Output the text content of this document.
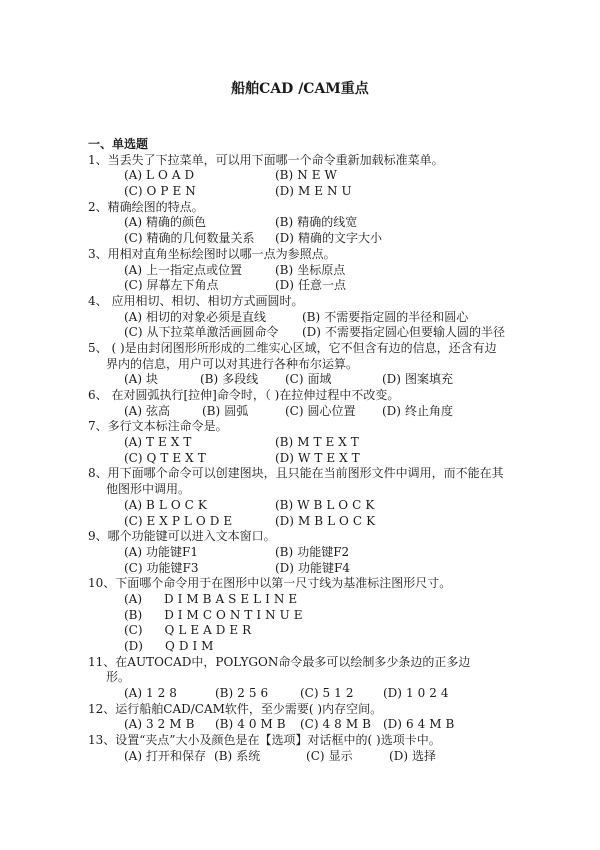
船舶CAD /CAM重点
一、单选题
1、当丢失了下拉菜单，可以用下面哪一个命令重新加载标准菜单。
(A) LOAD	(B) NEW
(C) OPEN	(D) MENU
2、精确绘图的特点。
(A) 精确的颜色	(B) 精确的线宽
(C) 精确的几何数量关系	(D) 精确的文字大小
3、用相对直角坐标绘图时以哪一点为参照点。
(A) 上一指定点或位置	(B) 坐标原点
(C) 屏幕左下角点	(D) 任意一点
4、 应用相切、相切、相切方式画圆时。
(A) 相切的对象必须是直线	(B) 不需要指定圆的半径和圆心
(C) 从下拉菜单激活画圆命令	(D) 不需要指定圆心但要输人圆的半径
5、 ( )是由封闭图形所形成的二维实心区域，它不但含有边的信息，还含有边
界内的信息，用户可以对其进行各种布尔运算。
(A) 块	(B) 多段线	(C) 面域	(D) 图案填充
6、 在对圆弧执行[拉伸]命令时，（ )在拉伸过程中不改变。
(A) 弦高	(B) 圆弧	(C) 圆心位置	(D) 终止角度
7、多行文本标注命令是。
(A) TEXT	(B) MTEXT
(C) QTEXT	(D) WTEXT
8、用下面哪个命令可以创建图块，且只能在当前图形文件中调用，而不能在其
他图形中调用。
(A) BLOCK	(B) WBLOCK
(C) EXPLODE	(D) MBLOCK
9、哪个功能键可以进入文本窗口。
(A) 功能键F1	(B) 功能键F2
(C) 功能键F3	(D) 功能键F4
10、下面哪个命令用于在图形中以第一尺寸线为基准标注图形尺寸。
(A) DIMBASELINE
(B) DIMCONTINUE
(C) QLEADER
(D) QDIM
11、在AUTOCAD中，POLYGON命令最多可以绘制多少条边的正多边
形。
(A) 128	(B) 256	(C) 512	(D) 1024
12、运行船舶CAD/CAM软件，至少需要( )内存空间。
(A) 32MB	(B) 40MB (C) 48MB (D) 64MB
13、设置“夹点”大小及颜色是在【选项】对话框中的( )选项卡中。
(A) 打开和保存 (B) 系统	(C) 显示	(D) 选择
